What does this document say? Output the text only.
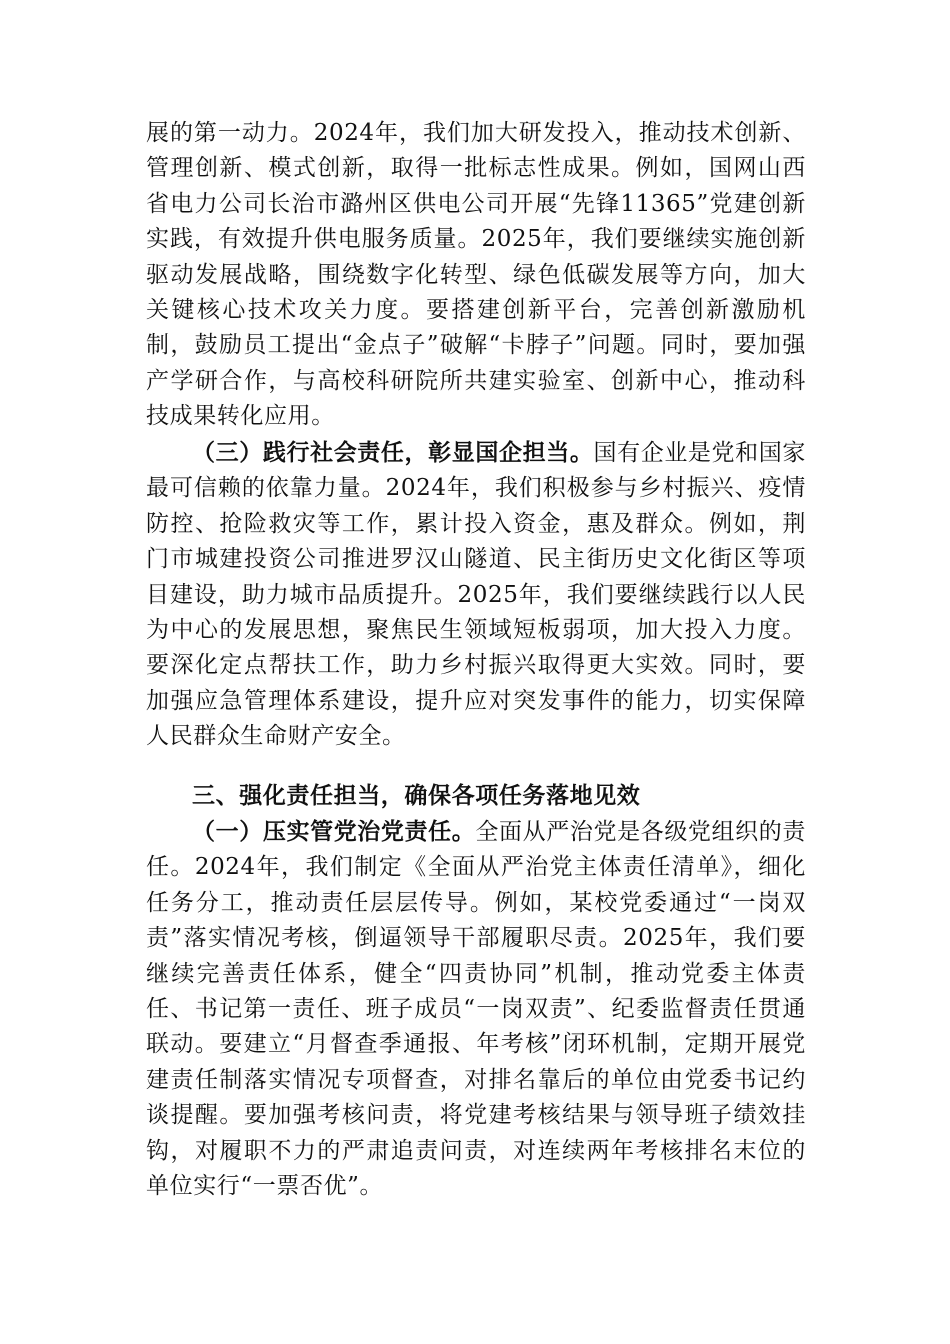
展的第一动力。2024年，我们加大研发投入，推动技术创新、管理创新、模式创新，取得一批标志性成果。例如，国网山西省电力公司长治市潞州区供电公司开展“先锋11365”党建创新实践，有效提升供电服务质量。2025年，我们要继续实施创新驱动发展战略，围绕数字化转型、绿色低碳发展等方向，加大关键核心技术攻关力度。要搭建创新平台，完善创新激励机制，鼓励员工提出“金点子”破解“卡脖子”问题。同时，要加强产学研合作，与高校科研院所共建实验室、创新中心，推动科技成果转化应用。

（三）践行社会责任，彰显国企担当。国有企业是党和国家最可信赖的依靠力量。2024年，我们积极参与乡村振兴、疫情防控、抢险救灾等工作，累计投入资金，惠及群众。例如，荆门市城建投资公司推进罗汉山隧道、民主街历史文化街区等项目建设，助力城市品质提升。2025年，我们要继续践行以人民为中心的发展思想，聚焦民生领域短板弱项，加大投入力度。要深化定点帮扶工作，助力乡村振兴取得更大实效。同时，要加强应急管理体系建设，提升应对突发事件的能力，切实保障人民群众生命财产安全。

三、强化责任担当，确保各项任务落地见效

（一）压实管党治党责任。全面从严治党是各级党组织的责任。2024年，我们制定《全面从严治党主体责任清单》，细化任务分工，推动责任层层传导。例如，某校党委通过“一岗双责”落实情况考核，倒逼领导干部履职尽责。2025年，我们要继续完善责任体系，健全“四责协同”机制，推动党委主体责任、书记第一责任、班子成员“一岗双责”、纪委监督责任贯通联动。要建立“月督查季通报、年考核”闭环机制，定期开展党建责任制落实情况专项督查，对排名靠后的单位由党委书记约谈提醒。要加强考核问责，将党建考核结果与领导班子绩效挂钩，对履职不力的严肃追责问责，对连续两年考核排名末位的单位实行“一票否优”。
